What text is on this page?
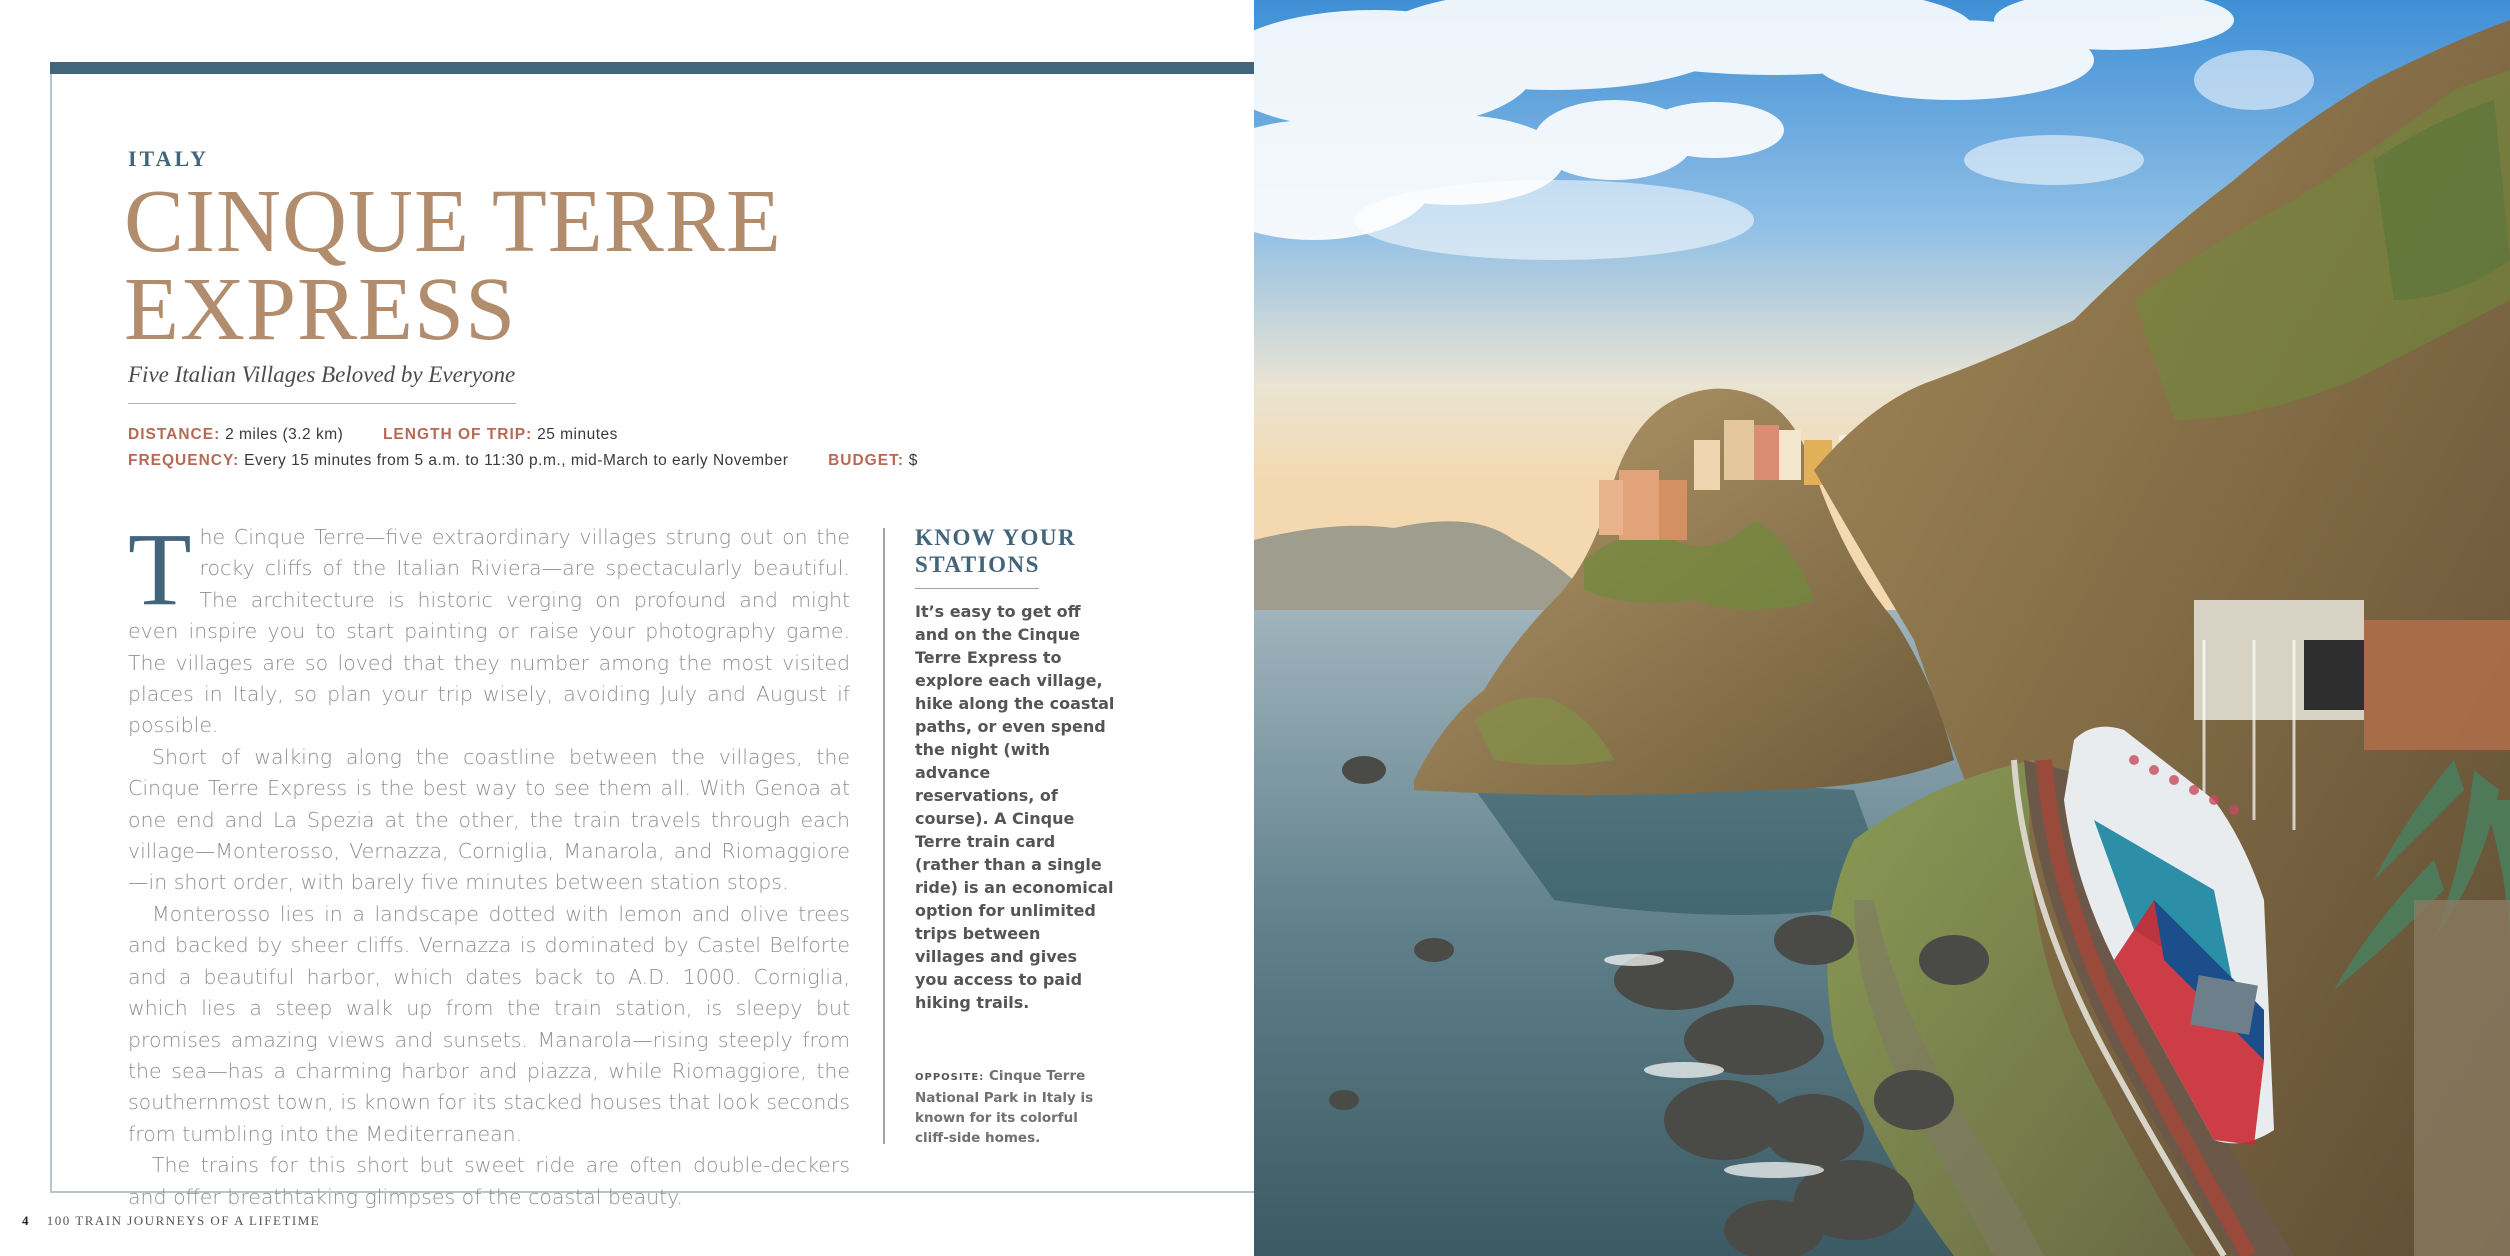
ITALY
CINQUE TERRE
EXPRESS
Five Italian Villages Beloved by Everyone
DISTANCE: 2 miles (3.2 km)	LENGTH OF TRIP: 25 minutes
FREQUENCY: Every 15 minutes from 5 a.m. to 11:30 p.m., mid-March to early November	BUDGET: $

The Cinque Terre—five extraordinary villages strung out on the rocky cliffs of the Italian Riviera—are spectacularly beautiful. The architecture is historic verging on profound and might even inspire you to start painting or raise your photography game. The villages are so loved that they number among the most visited places in Italy, so plan your trip wisely, avoiding July and August if possible.

Short of walking along the coastline between the villages, the Cinque Terre Express is the best way to see them all. With Genoa at one end and La Spezia at the other, the train travels through each village—Monterosso, Vernazza, Corniglia, Manarola, and Riomaggiore—in short order, with barely five minutes between station stops.

Monterosso lies in a landscape dotted with lemon and olive trees and backed by sheer cliffs. Vernazza is dominated by Castel Belforte and a beautiful harbor, which dates back to A.D. 1000. Corniglia, which lies a steep walk up from the train station, is sleepy but promises amazing views and sunsets. Manarola—rising steeply from the sea—has a charming harbor and piazza, while Riomaggiore, the southernmost town, is known for its stacked houses that look seconds from tumbling into the Mediterranean.

The trains for this short but sweet ride are often double-deckers and offer breathtaking glimpses of the coastal beauty.

KNOW YOUR
STATIONS
It’s easy to get off and on the Cinque Terre Express to explore each village, hike along the coastal paths, or even spend the night (with advance reservations, of course). A Cinque Terre train card (rather than a single ride) is an economical option for unlimited trips between villages and gives you access to paid hiking trails.
OPPOSITE: Cinque Terre National Park in Italy is known for its colorful cliff-side homes.
4 100 TRAIN JOURNEYS OF A LIFETIME
